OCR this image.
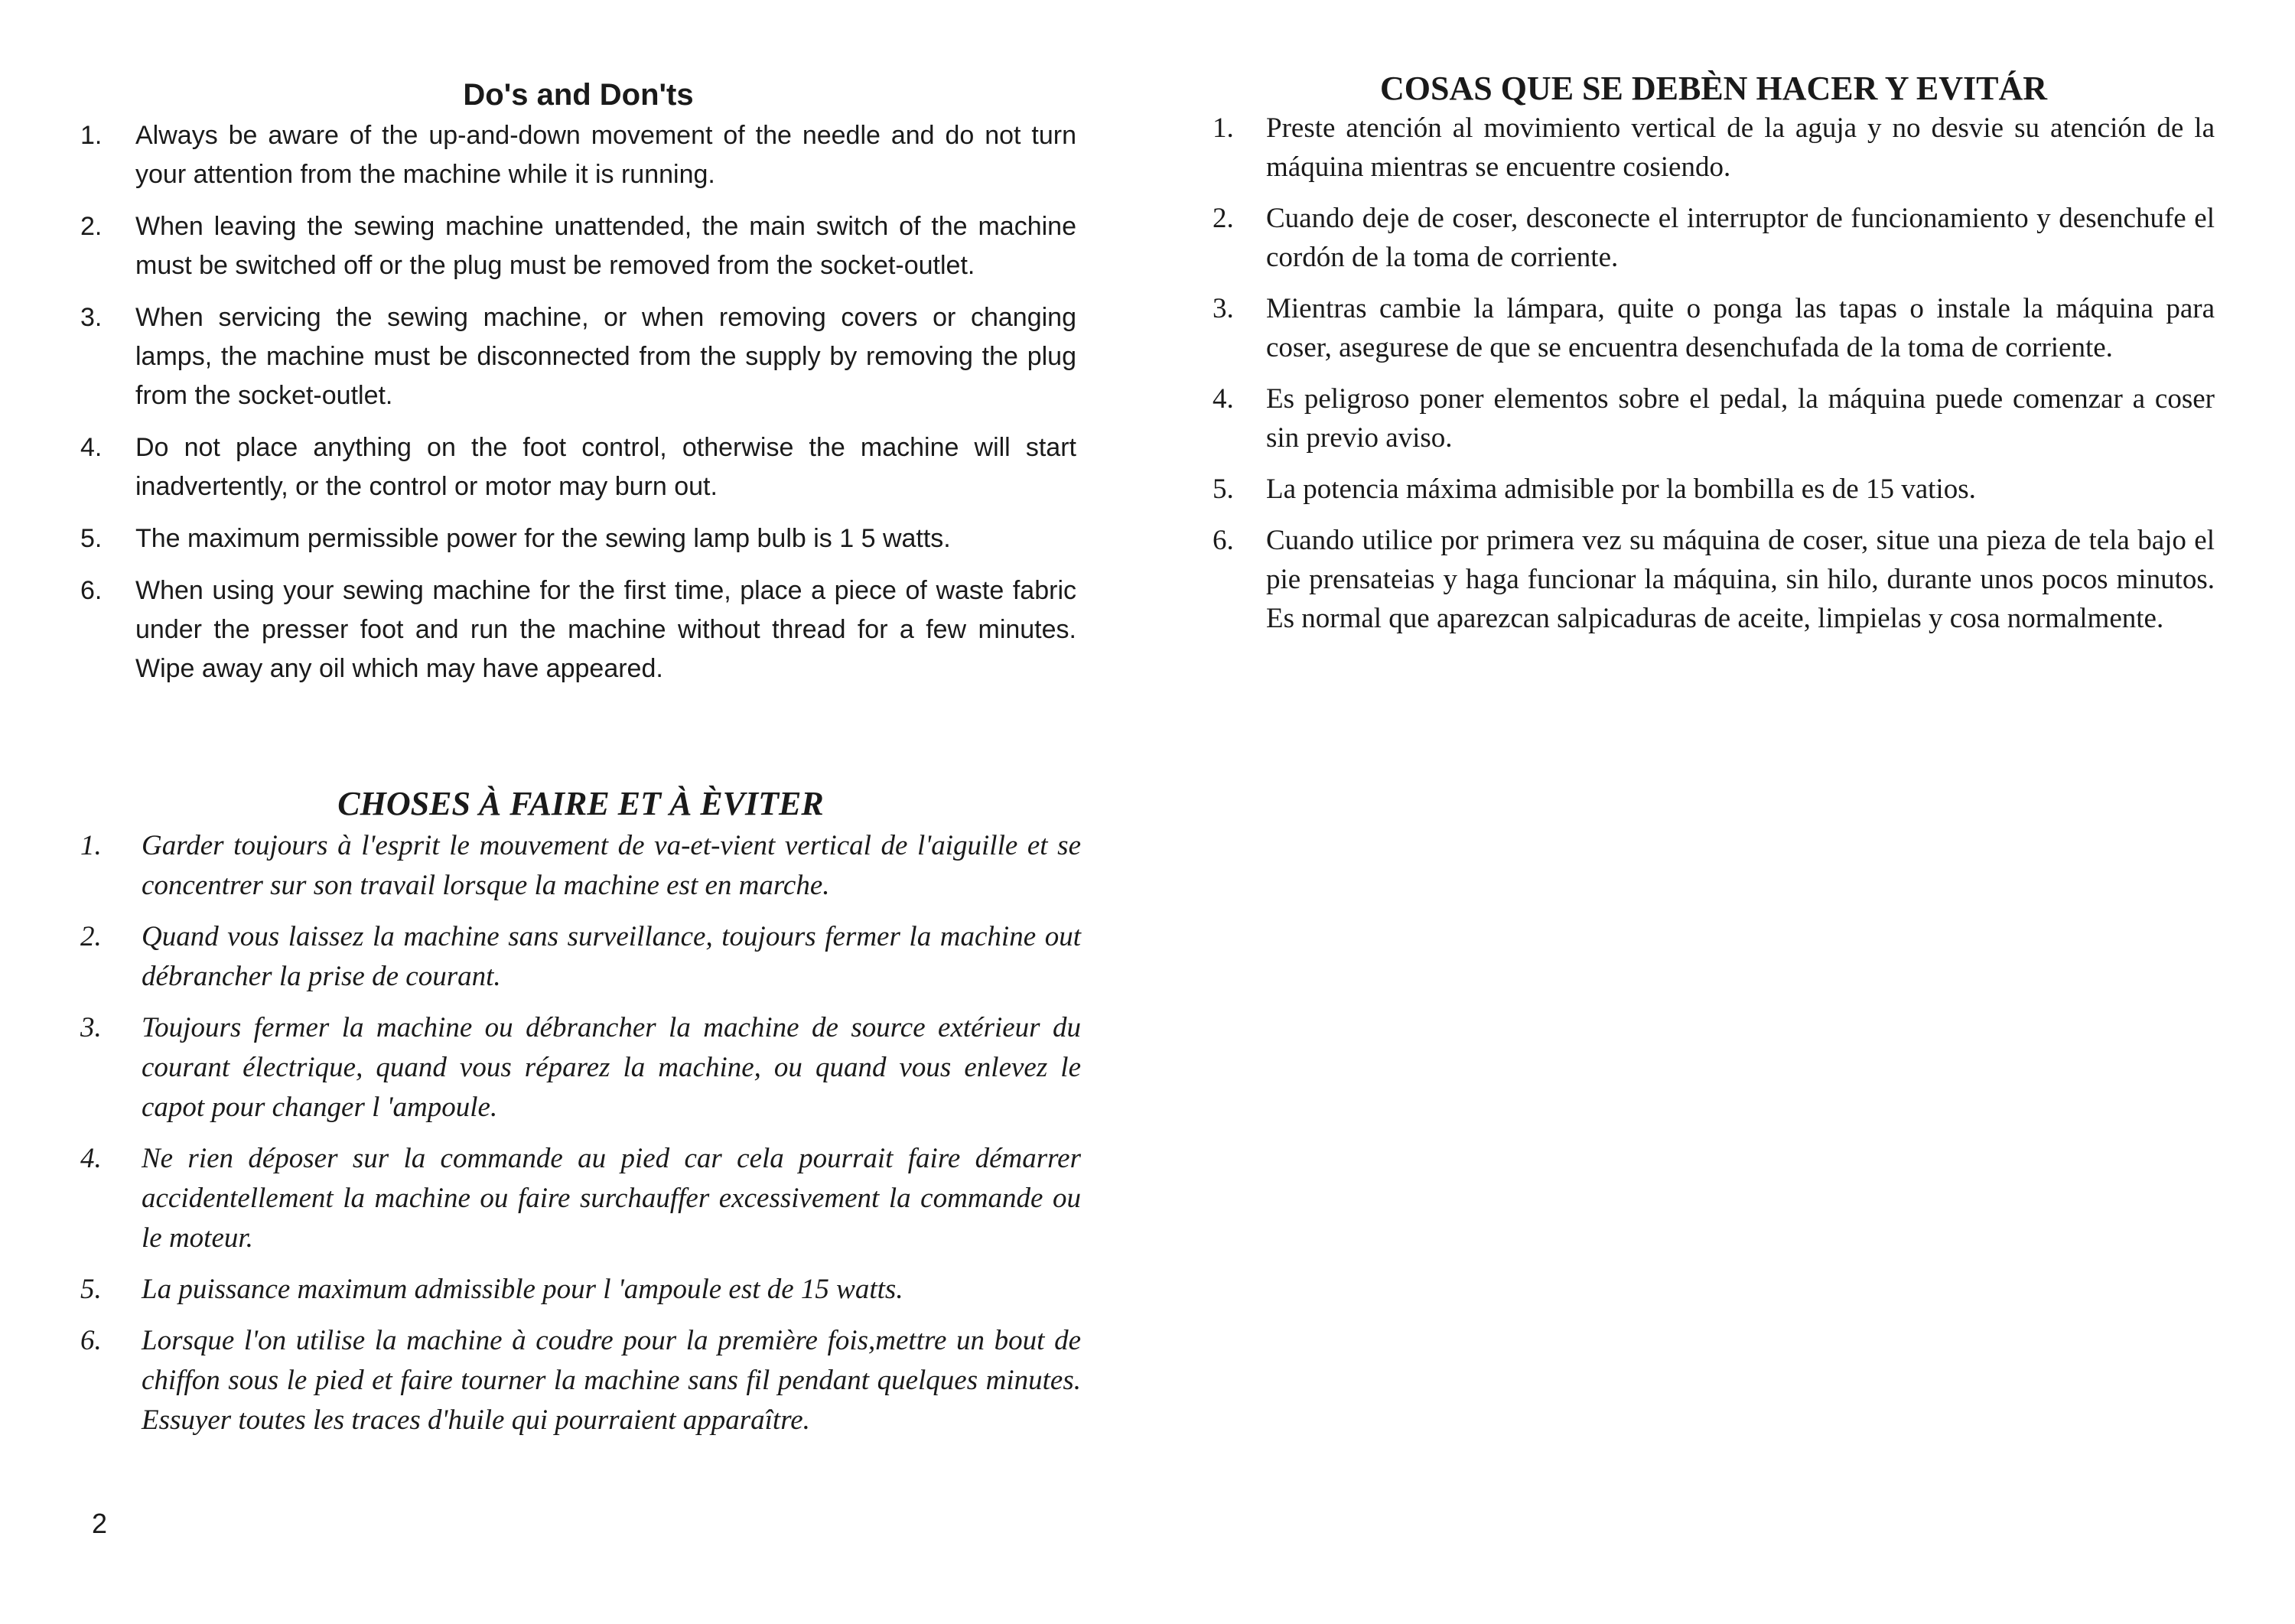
Do's and Don'ts
1. Always be aware of the up-and-down movement of the needle and do not turn your attention from the machine while it is running.
2. When leaving the sewing machine unattended, the main switch of the machine must be switched off or the plug must be removed from the socket-outlet.
3. When servicing the sewing machine, or when removing covers or changing lamps, the machine must be disconnected from the supply by removing the plug from the socket-outlet.
4. Do not place anything on the foot control, otherwise the machine will start inadvertently, or the control or motor may burn out.
5. The maximum permissible power for the sewing lamp bulb is 1 5 watts.
6. When using your sewing machine for the first time, place a piece of waste fabric under the presser foot and run the machine without thread for a few minutes. Wipe away any oil which may have appeared.
CHOSES À FAIRE ET À ÈVITER
1. Garder toujours à l'esprit le mouvement de va-et-vient vertical de l'aiguille et se concentrer sur son travail lorsque la machine est en marche.
2. Quand vous laissez la machine sans surveillance, toujours fermer la machine out débrancher la prise de courant.
3. Toujours fermer la machine ou débrancher la machine de source extérieur du courant électrique, quand vous réparez la machine, ou quand vous enlevez le capot pour changer l 'ampoule.
4. Ne rien déposer sur la commande au pied car cela pourrait faire démarrer accidentellement la machine ou faire surchauffer excessivement la commande ou le moteur.
5. La puissance maximum admissible pour l 'ampoule est de 15 watts.
6. Lorsque l'on utilise la machine à coudre pour la première fois,mettre un bout de chiffon sous le pied et faire tourner la machine sans fil pendant quelques minutes. Essuyer toutes les traces d'huile qui pourraient apparaître.
COSAS QUE SE DEBÈN HACER Y EVITÁR
1. Preste atención al movimiento vertical de la aguja y no desvie su atención de la máquina mientras se encuentre cosiendo.
2. Cuando deje de coser, desconecte el interruptor de funcionamiento y desenchufe el cordón de la toma de corriente.
3. Mientras cambie la lámpara, quite o ponga las tapas o instale la máquina para coser, asegurese de que se encuentra desenchufada de la toma de corriente.
4. Es peligroso poner elementos sobre el pedal, la máquina puede comenzar a coser sin previo aviso.
5. La potencia máxima admisible por la bombilla es de 15 vatios.
6. Cuando utilice por primera vez su máquina de coser, situe una pieza de tela bajo el pie prensateias y haga funcionar la máquina, sin hilo, durante unos pocos minutos. Es normal que aparezcan salpicaduras de aceite, limpielas y cosa normalmente.
2
